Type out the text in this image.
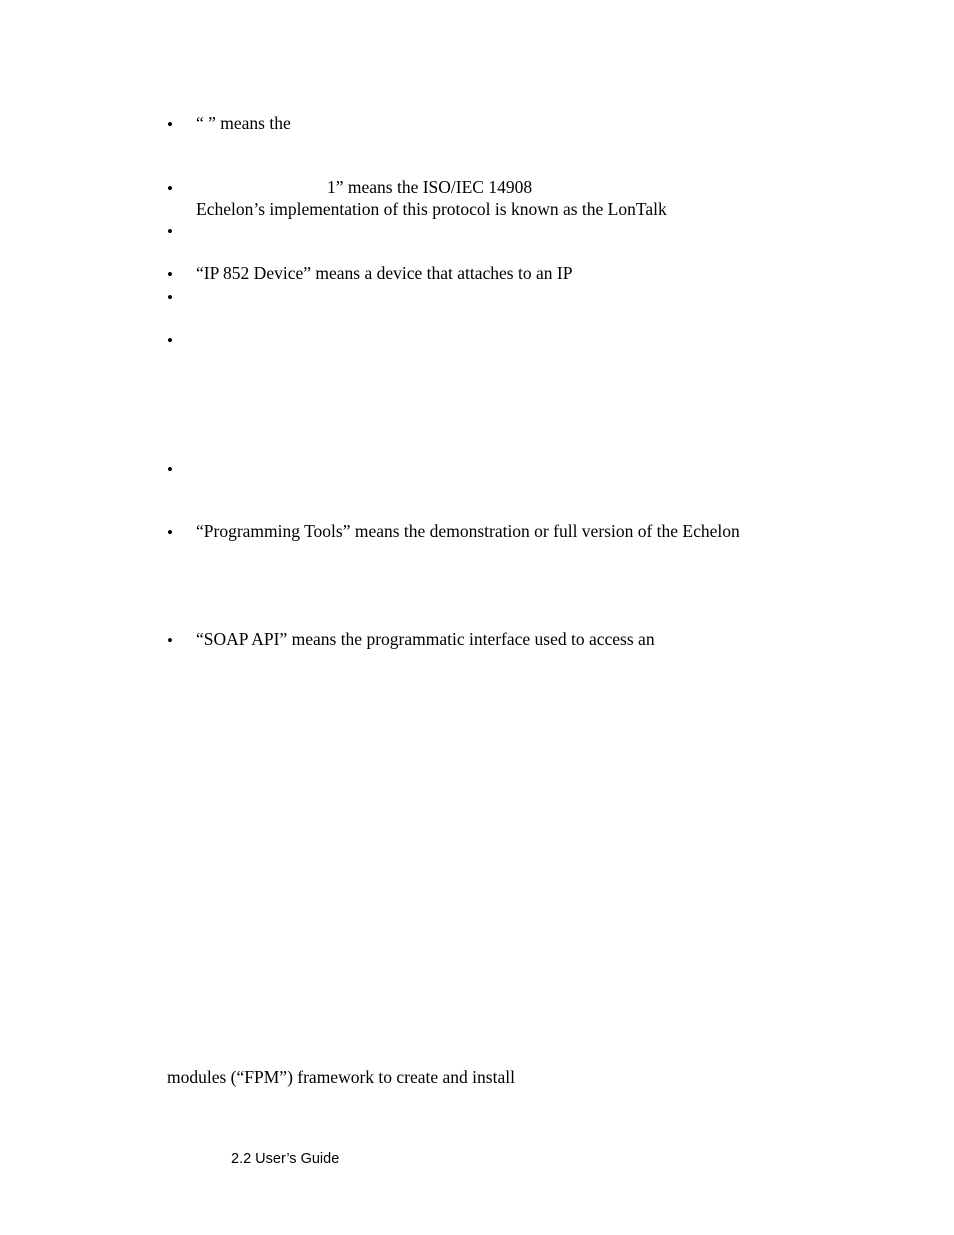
• “ ” means the
•	1” means the ISO/IEC 14908
Echelon’s implementation of this protocol is known as the LonTalk
•
• “IP 852 Device” means a device that attaches to an IP
•
•
•
• “Programming Tools” means the demonstration or full version of the Echelon
• “SOAP API” means the programmatic interface used to access an
modules (“FPM”) framework to create and install
2.2 User’s Guide
